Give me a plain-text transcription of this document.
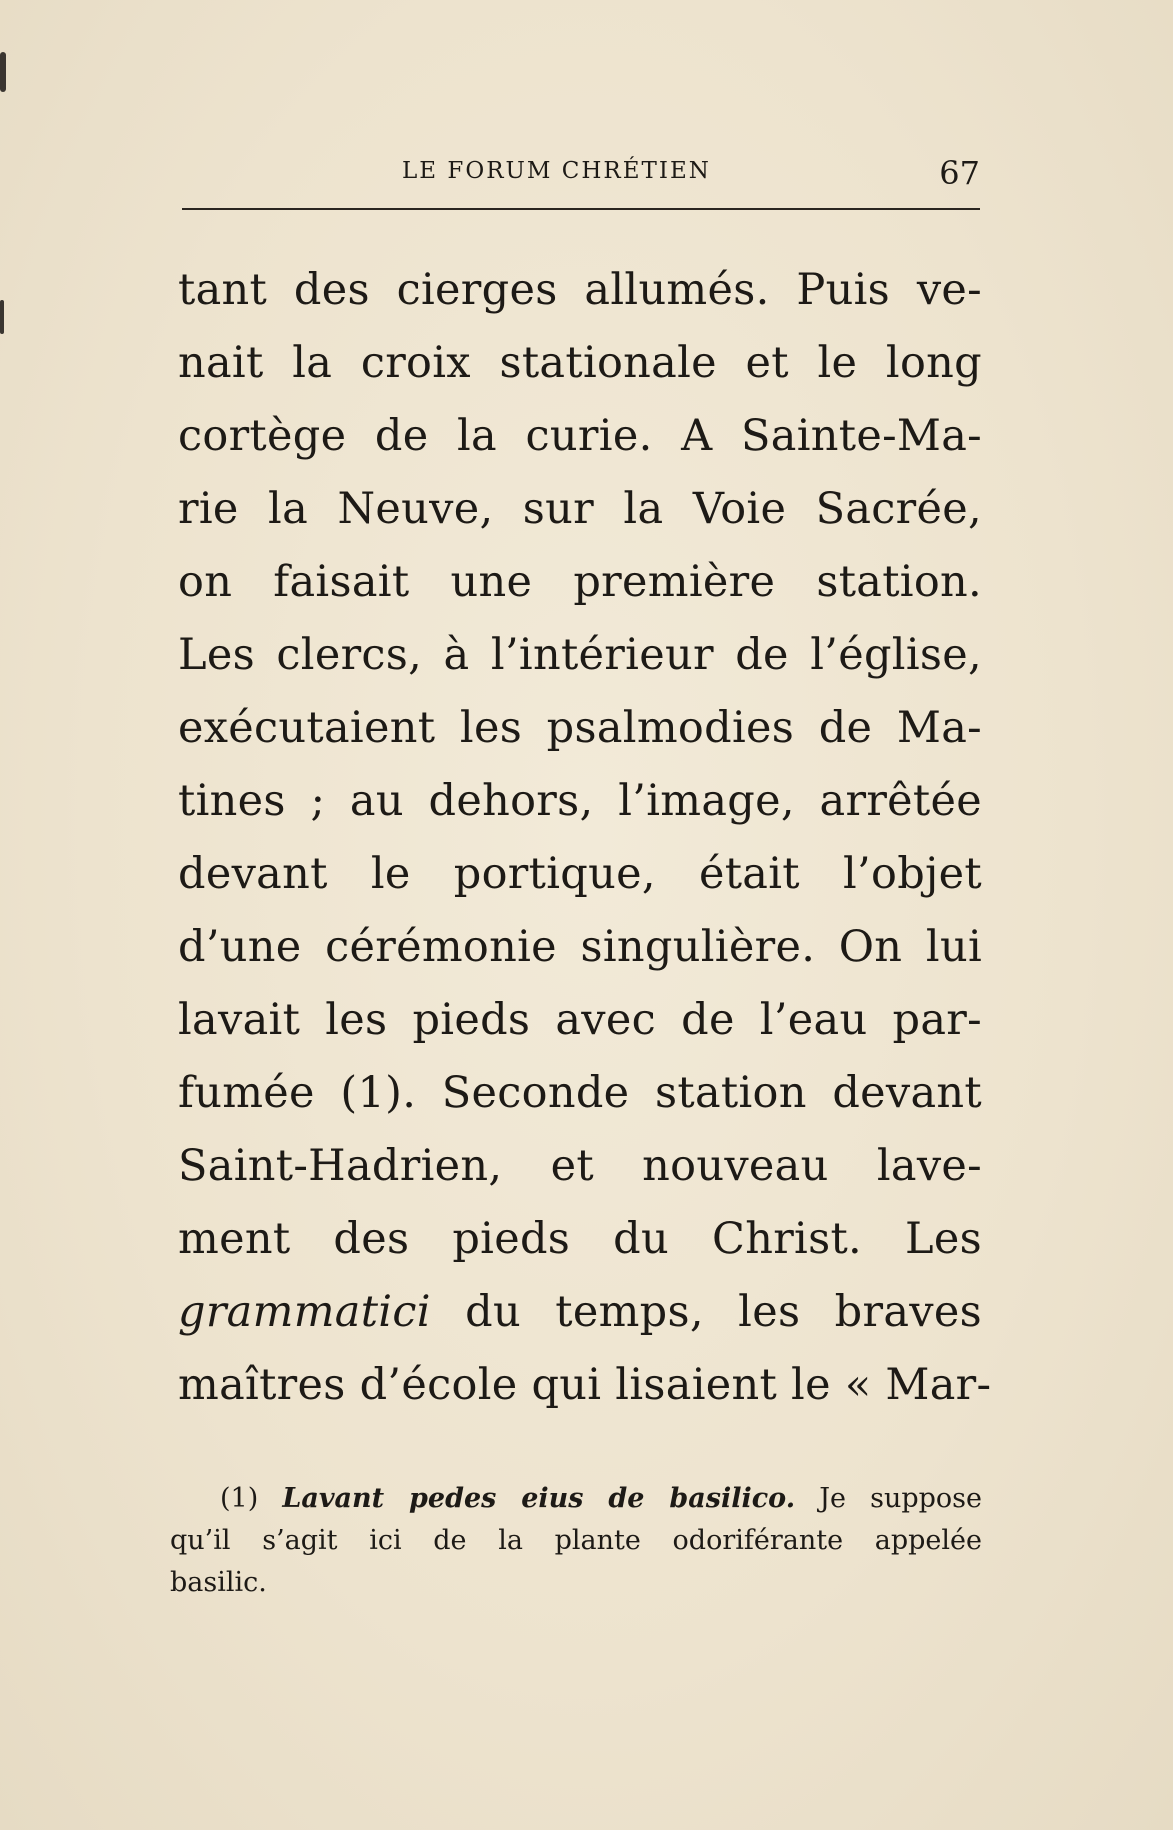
LE FORUM CHRÉTIEN	67
tant des cierges allumés. Puis ve-
nait la croix stationale et le long
cortège de la curie. A Sainte-Ma-
rie la Neuve, sur la Voie Sacrée,
on faisait une première station.
Les clercs, à l’intérieur de l’église,
exécutaient les psalmodies de Ma-
tines ; au dehors, l’image, arrêtée
devant le portique, était l’objet
d’une cérémonie singulière. On lui
lavait les pieds avec de l’eau par-
fumée (1). Seconde station devant
Saint-Hadrien, et nouveau lave-
ment des pieds du Christ. Les
grammatici du temps, les braves
maîtres d’école qui lisaient le « Mar-
(1) Lavant pedes eius de basilico. Je suppose
qu’il s’agit ici de la plante odoriférante appelée
basilic.
